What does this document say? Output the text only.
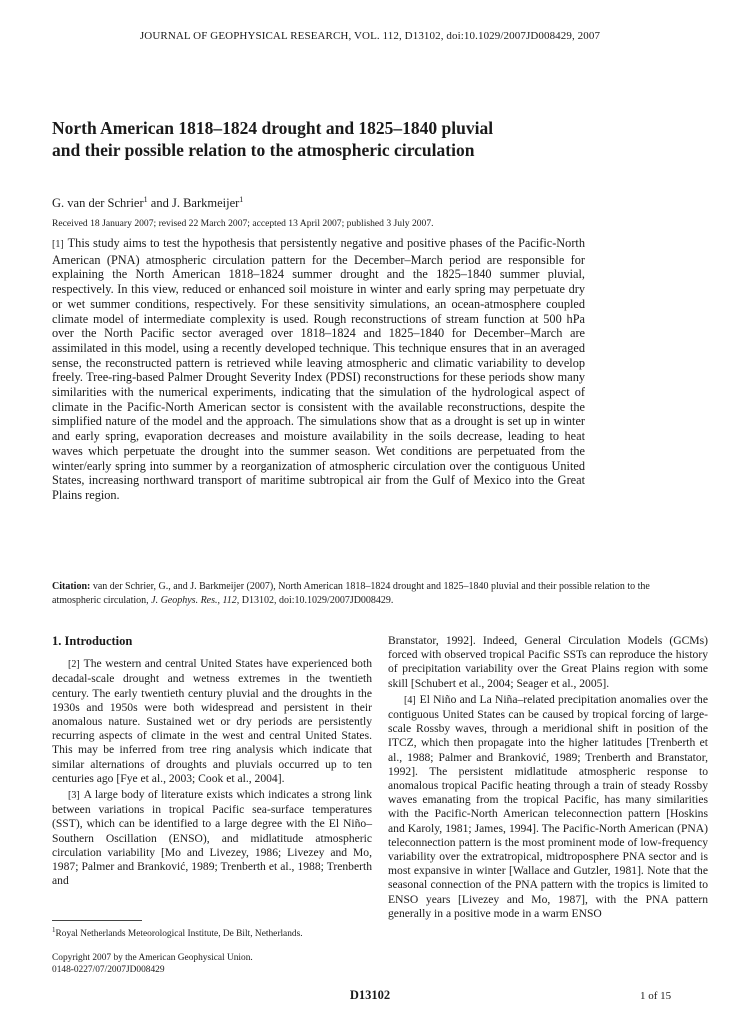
JOURNAL OF GEOPHYSICAL RESEARCH, VOL. 112, D13102, doi:10.1029/2007JD008429, 2007
North American 1818–1824 drought and 1825–1840 pluvial and their possible relation to the atmospheric circulation
G. van der Schrier$^1$ and J. Barkmeijer$^1$
Received 18 January 2007; revised 22 March 2007; accepted 13 April 2007; published 3 July 2007.
[1] This study aims to test the hypothesis that persistently negative and positive phases of the Pacific-North American (PNA) atmospheric circulation pattern for the December–March period are responsible for explaining the North American 1818–1824 summer drought and the 1825–1840 summer pluvial, respectively. In this view, reduced or enhanced soil moisture in winter and early spring may perpetuate dry or wet summer conditions, respectively. For these sensitivity simulations, an ocean-atmosphere coupled climate model of intermediate complexity is used. Rough reconstructions of stream function at 500 hPa over the North Pacific sector averaged over 1818–1824 and 1825–1840 for December–March are assimilated in this model, using a recently developed technique. This technique ensures that in an averaged sense, the reconstructed pattern is retrieved while leaving atmospheric and climatic variability to develop freely. Tree-ring-based Palmer Drought Severity Index (PDSI) reconstructions for these periods show many similarities with the numerical experiments, indicating that the simulation of the hydrological aspect of climate in the Pacific-North American sector is consistent with the available reconstructions, despite the simplified nature of the model and the approach. The simulations show that as a drought is set up in winter and early spring, evaporation decreases and moisture availability in the soils decrease, leading to heat waves which perpetuate the drought into the summer season. Wet conditions are perpetuated from the winter/early spring into summer by a reorganization of atmospheric circulation over the contiguous United States, increasing northward transport of maritime subtropical air from the Gulf of Mexico into the Great Plains region.
Citation: van der Schrier, G., and J. Barkmeijer (2007), North American 1818–1824 drought and 1825–1840 pluvial and their possible relation to the atmospheric circulation, J. Geophys. Res., 112, D13102, doi:10.1029/2007JD008429.
1. Introduction

[2] The western and central United States have experienced both decadal-scale drought and wetness extremes in the twentieth century. The early twentieth century pluvial and the droughts in the 1930s and 1950s were both widespread and persistent in their anomalous nature. Sustained wet or dry periods are persistently recurring aspects of climate in the west and central United States. This may be inferred from tree ring analysis which indicate that similar alternations of droughts and pluvials occurred up to ten centuries ago [Fye et al., 2003; Cook et al., 2004].

[3] A large body of literature exists which indicates a strong link between variations in tropical Pacific sea-surface temperatures (SST), which can be identified to a large degree with the El Niño–Southern Oscillation (ENSO), and midlatitude atmospheric circulation variability [Mo and Livezey, 1986; Livezey and Mo, 1987; Palmer and Branković, 1989; Trenberth et al., 1988; Trenberth and

Branstator, 1992]. Indeed, General Circulation Models (GCMs) forced with observed tropical Pacific SSTs can reproduce the history of precipitation variability over the Great Plains region with some skill [Schubert et al., 2004; Seager et al., 2005].

[4] El Niño and La Niña–related precipitation anomalies over the contiguous United States can be caused by tropical forcing of large-scale Rossby waves, through a meridional shift in position of the ITCZ, which then propagate into the higher latitudes [Trenberth et al., 1988; Palmer and Branković, 1989; Trenberth and Branstator, 1992]. The persistent midlatitude atmospheric response to anomalous tropical Pacific heating through a train of steady Rossby waves emanating from the tropical Pacific, has many similarities with the Pacific-North American teleconnection pattern [Hoskins and Karoly, 1981; James, 1994]. The Pacific-North American (PNA) teleconnection pattern is the most prominent mode of low-frequency variability over the extratropical, midtroposphere PNA sector and is most expansive in winter [Wallace and Gutzler, 1981]. Note that the seasonal connection of the PNA pattern with the tropics is limited to ENSO years [Livezey and Mo, 1987], with the PNA pattern generally in a positive mode in a warm ENSO

$^1$Royal Netherlands Meteorological Institute, De Bilt, Netherlands.
Copyright 2007 by the American Geophysical Union.
0148-0227/07/2007JD008429
D13102	1 of 15
